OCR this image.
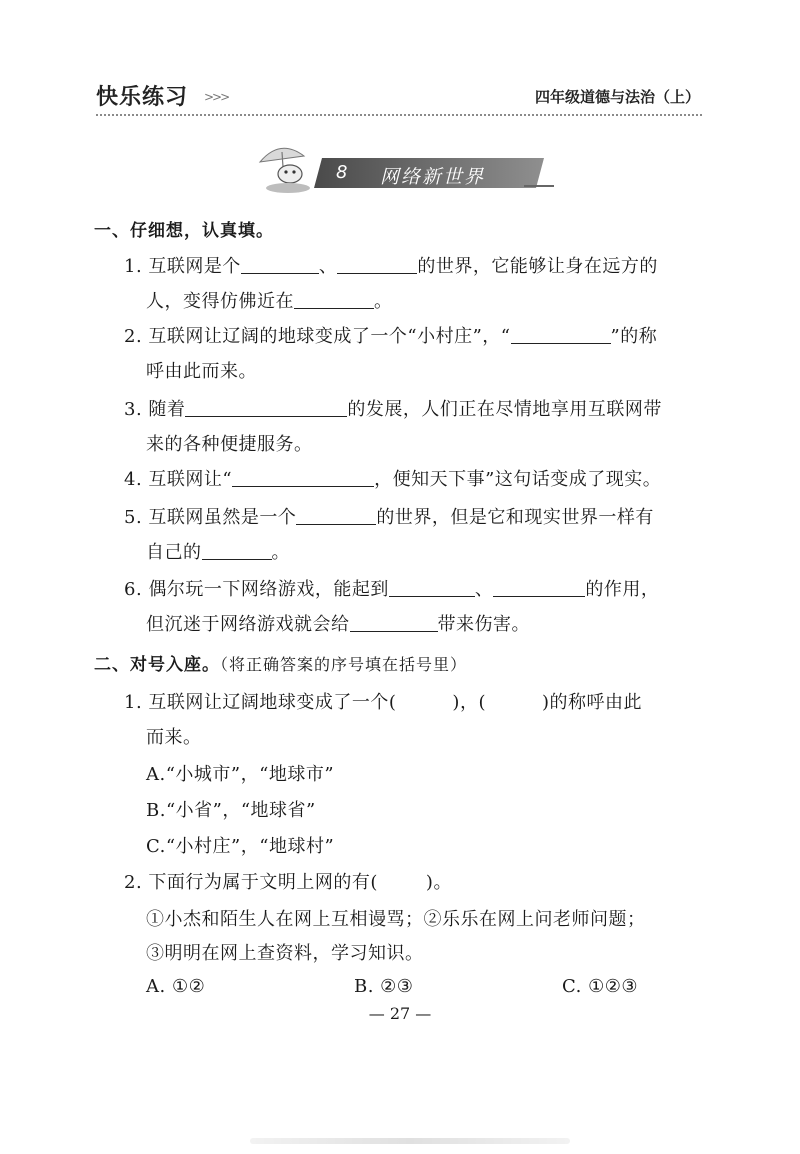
快乐练习 >>>	四年级道德与法治（上）
8 网络新世界
一、仔细想，认真填。
1. 互联网是个	、	的世界，它能够让身在远方的
人，变得仿佛近在	。
2. 互联网让辽阔的地球变成了一个“小村庄”，“	”的称
呼由此而来。
3. 随着	的发展，人们正在尽情地享用互联网带
来的各种便捷服务。
4. 互联网让“	，便知天下事”这句话变成了现实。
5. 互联网虽然是一个	的世界，但是它和现实世界一样有
自己的	。
6. 偶尔玩一下网络游戏，能起到	、	的作用，
但沉迷于网络游戏就会给	带来伤害。
二、对号入座。（将正确答案的序号填在括号里）
1. 互联网让辽阔地球变成了一个(	)，(	)的称呼由此
而来。
A.“小城市”，“地球市”
B.“小省”，“地球省”
C.“小村庄”，“地球村”
2. 下面行为属于文明上网的有(	)。
①小杰和陌生人在网上互相谩骂；②乐乐在网上问老师问题；
③明明在网上查资料，学习知识。
A. ①②	B. ②③	C. ①②③
— 27 —
